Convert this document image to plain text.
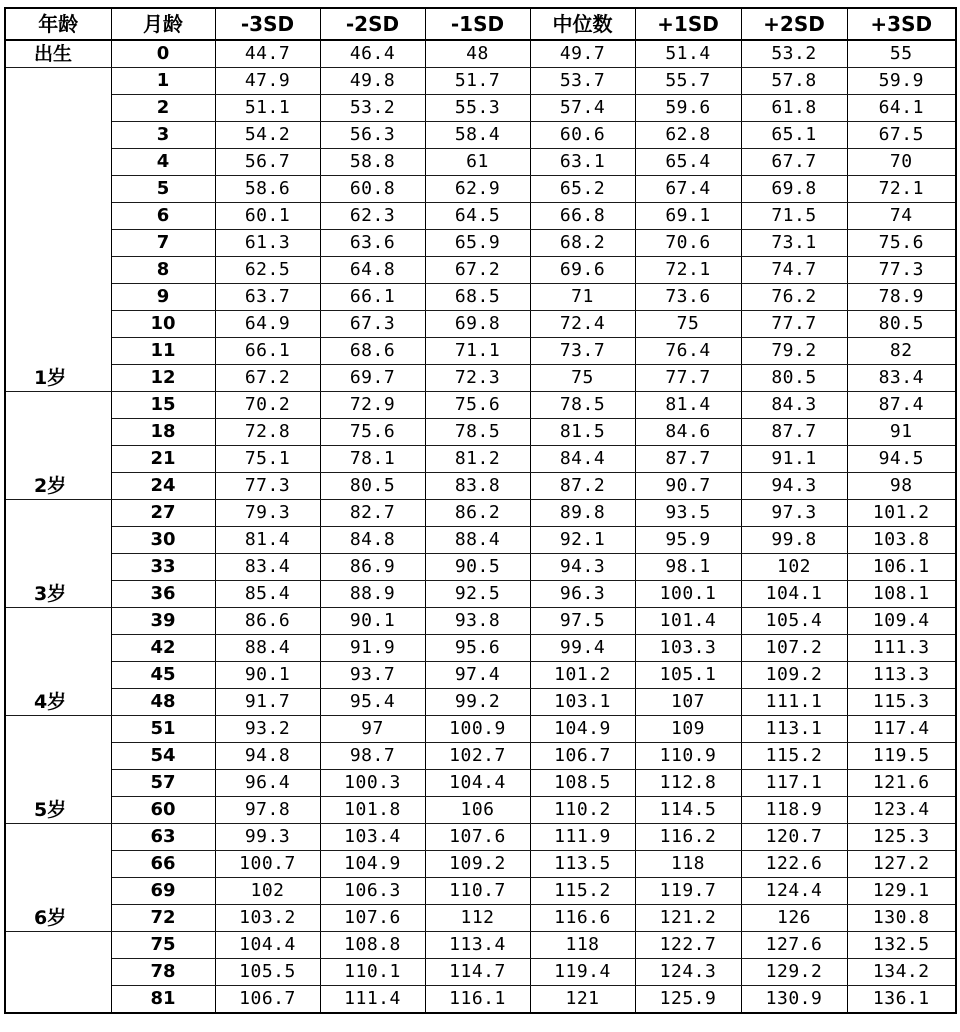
年龄	月龄	-3SD	-2SD	-1SD	中位数	+1SD	+2SD	+3SD
出生	0	44.7	46.4	48	49.7	51.4	53.2	55
	1	47.9	49.8	51.7	53.7	55.7	57.8	59.9
	2	51.1	53.2	55.3	57.4	59.6	61.8	64.1
	3	54.2	56.3	58.4	60.6	62.8	65.1	67.5
	4	56.7	58.8	61	63.1	65.4	67.7	70
	5	58.6	60.8	62.9	65.2	67.4	69.8	72.1
	6	60.1	62.3	64.5	66.8	69.1	71.5	74
	7	61.3	63.6	65.9	68.2	70.6	73.1	75.6
	8	62.5	64.8	67.2	69.6	72.1	74.7	77.3
	9	63.7	66.1	68.5	71	73.6	76.2	78.9
	10	64.9	67.3	69.8	72.4	75	77.7	80.5
	11	66.1	68.6	71.1	73.7	76.4	79.2	82
1岁	12	67.2	69.7	72.3	75	77.7	80.5	83.4
	15	70.2	72.9	75.6	78.5	81.4	84.3	87.4
	18	72.8	75.6	78.5	81.5	84.6	87.7	91
	21	75.1	78.1	81.2	84.4	87.7	91.1	94.5
2岁	24	77.3	80.5	83.8	87.2	90.7	94.3	98
	27	79.3	82.7	86.2	89.8	93.5	97.3	101.2
	30	81.4	84.8	88.4	92.1	95.9	99.8	103.8
	33	83.4	86.9	90.5	94.3	98.1	102	106.1
3岁	36	85.4	88.9	92.5	96.3	100.1	104.1	108.1
	39	86.6	90.1	93.8	97.5	101.4	105.4	109.4
	42	88.4	91.9	95.6	99.4	103.3	107.2	111.3
	45	90.1	93.7	97.4	101.2	105.1	109.2	113.3
4岁	48	91.7	95.4	99.2	103.1	107	111.1	115.3
	51	93.2	97	100.9	104.9	109	113.1	117.4
	54	94.8	98.7	102.7	106.7	110.9	115.2	119.5
	57	96.4	100.3	104.4	108.5	112.8	117.1	121.6
5岁	60	97.8	101.8	106	110.2	114.5	118.9	123.4
	63	99.3	103.4	107.6	111.9	116.2	120.7	125.3
	66	100.7	104.9	109.2	113.5	118	122.6	127.2
	69	102	106.3	110.7	115.2	119.7	124.4	129.1
6岁	72	103.2	107.6	112	116.6	121.2	126	130.8
	75	104.4	108.8	113.4	118	122.7	127.6	132.5
	78	105.5	110.1	114.7	119.4	124.3	129.2	134.2
	81	106.7	111.4	116.1	121	125.9	130.9	136.1
